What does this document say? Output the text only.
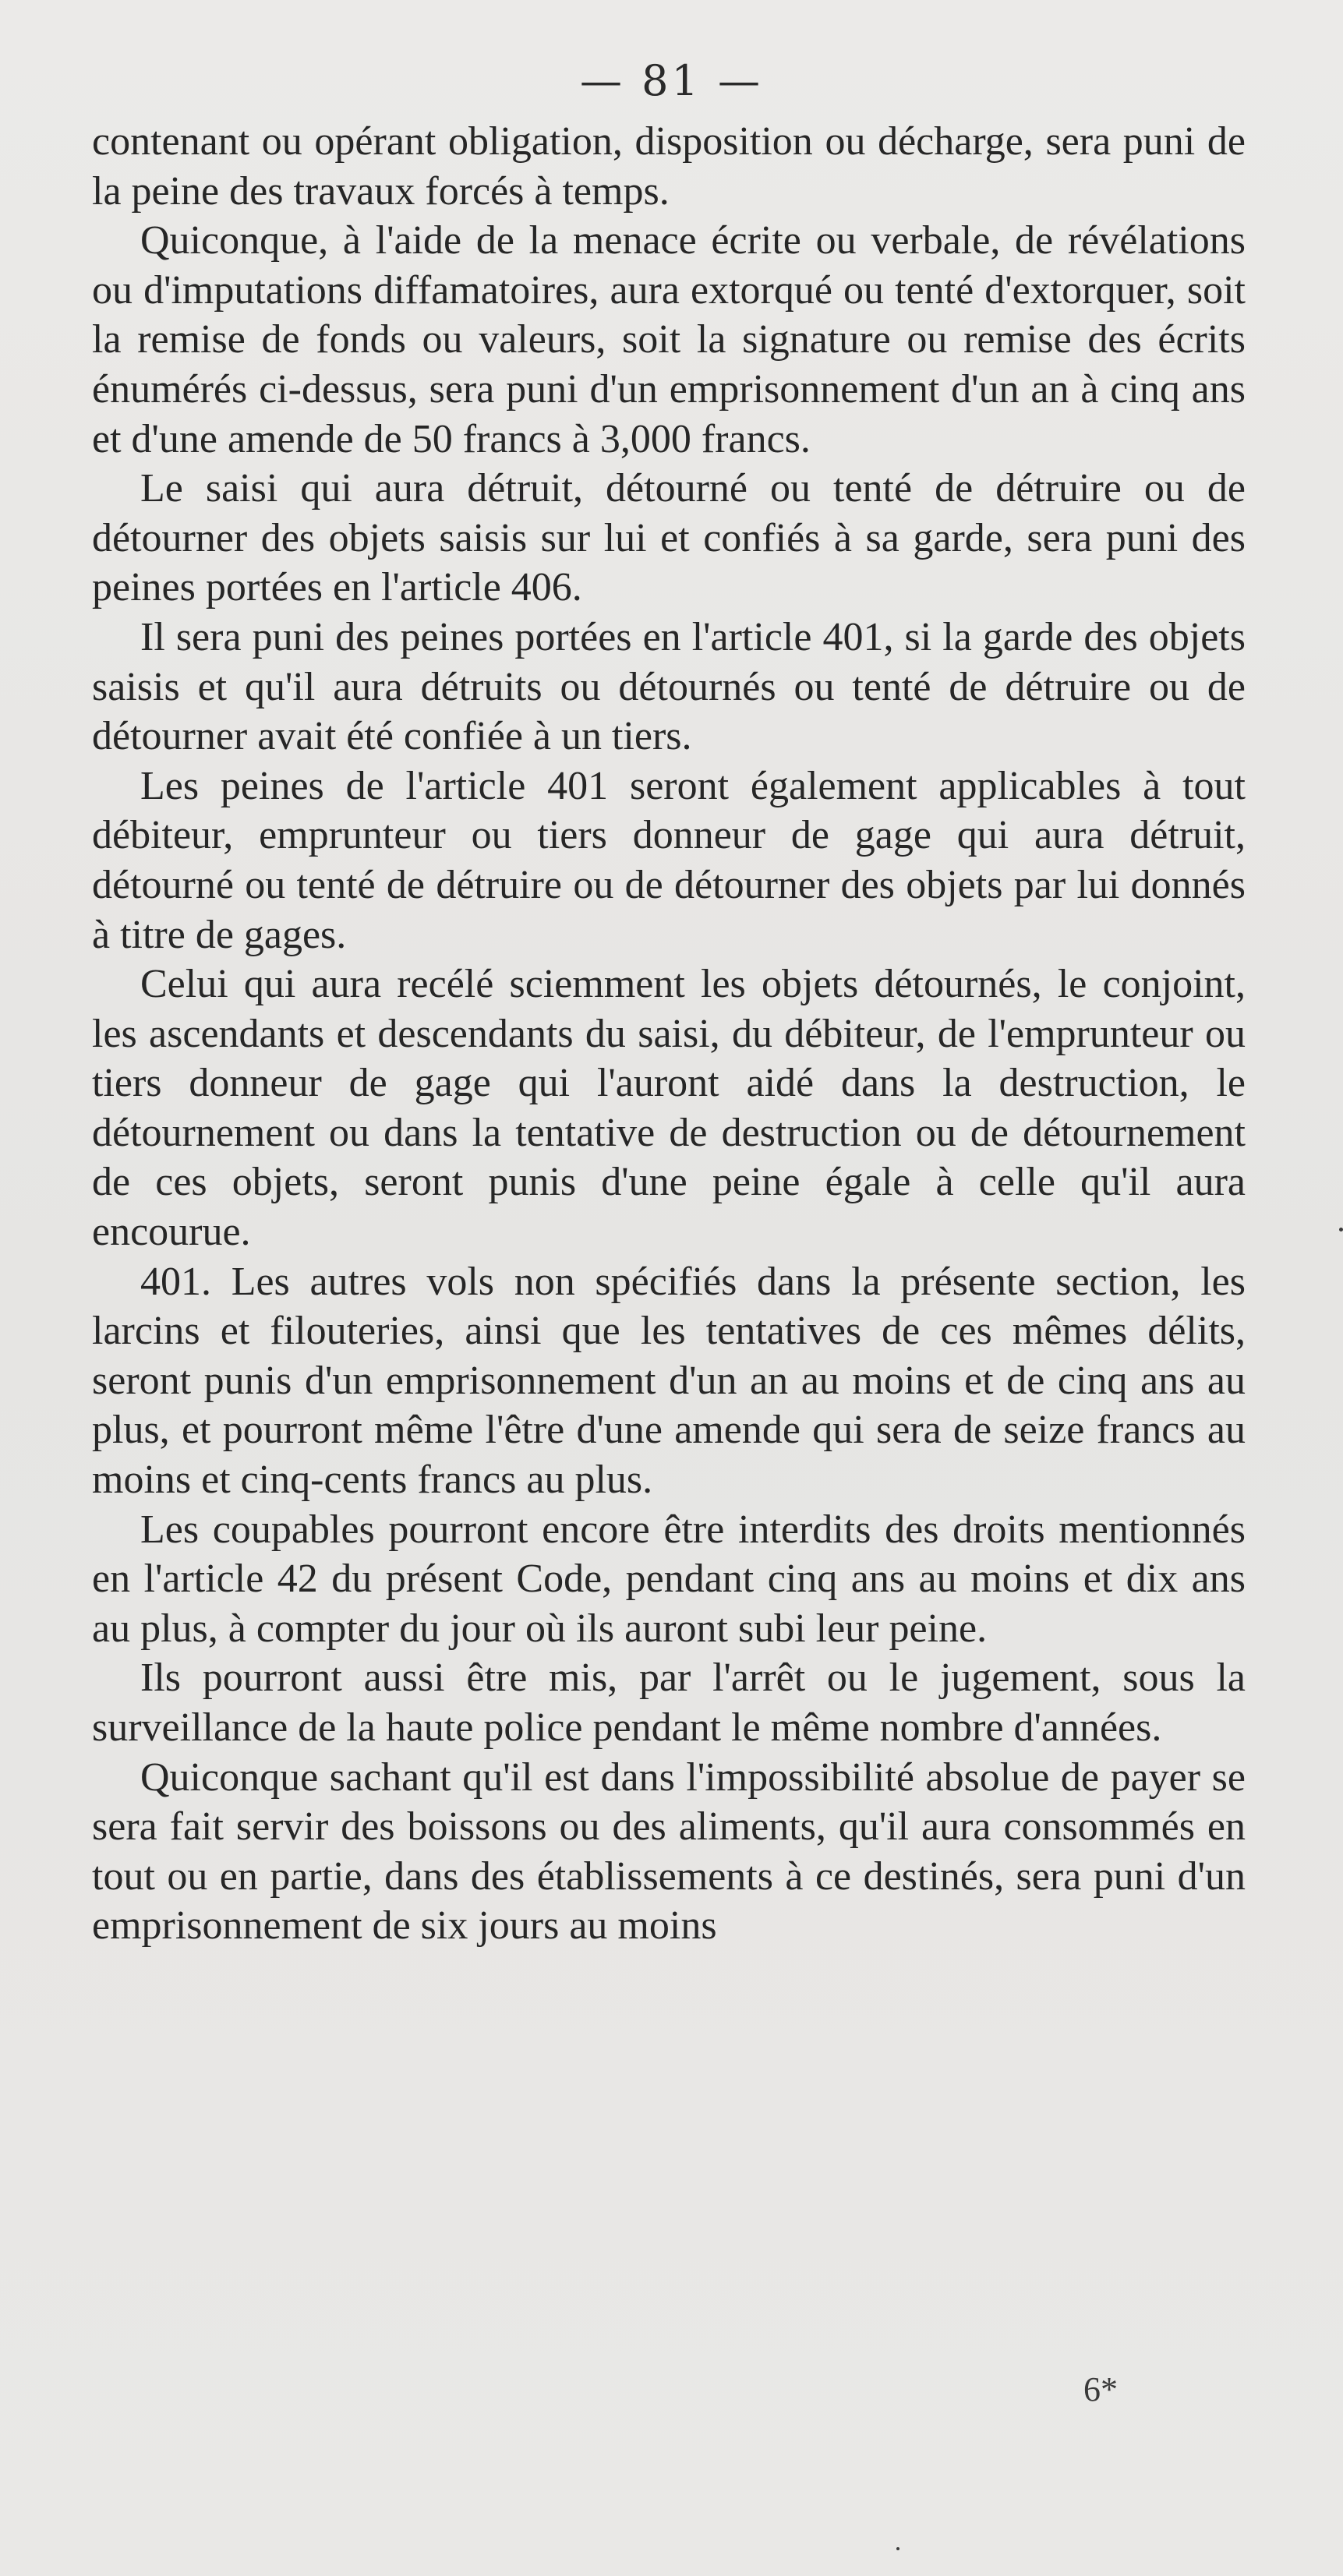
— 81 —

contenant ou opérant obligation, disposition ou décharge, sera puni de la peine des travaux forcés à temps.

Quiconque, à l'aide de la menace écrite ou verbale, de révélations ou d'imputations diffamatoires, aura extorqué ou tenté d'extorquer, soit la remise de fonds ou valeurs, soit la signature ou remise des écrits énumérés ci-dessus, sera puni d'un emprisonnement d'un an à cinq ans et d'une amende de 50 francs à 3,000 francs.

Le saisi qui aura détruit, détourné ou tenté de détruire ou de détourner des objets saisis sur lui et confiés à sa garde, sera puni des peines portées en l'article 406.

Il sera puni des peines portées en l'article 401, si la garde des objets saisis et qu'il aura détruits ou détournés ou tenté de détruire ou de détourner avait été confiée à un tiers.

Les peines de l'article 401 seront également applicables à tout débiteur, emprunteur ou tiers donneur de gage qui aura détruit, détourné ou tenté de détruire ou de détourner des objets par lui donnés à titre de gages.

Celui qui aura recélé sciemment les objets détournés, le conjoint, les ascendants et descendants du saisi, du débiteur, de l'emprunteur ou tiers donneur de gage qui l'auront aidé dans la destruction, le détournement ou dans la tentative de destruction ou de détournement de ces objets, seront punis d'une peine égale à celle qu'il aura encourue.

401. Les autres vols non spécifiés dans la présente section, les larcins et filouteries, ainsi que les tentatives de ces mêmes délits, seront punis d'un emprisonnement d'un an au moins et de cinq ans au plus, et pourront même l'être d'une amende qui sera de seize francs au moins et cinq-cents francs au plus.

Les coupables pourront encore être interdits des droits mentionnés en l'article 42 du présent Code, pendant cinq ans au moins et dix ans au plus, à compter du jour où ils auront subi leur peine.

Ils pourront aussi être mis, par l'arrêt ou le jugement, sous la surveillance de la haute police pendant le même nombre d'années.

Quiconque sachant qu'il est dans l'impossibilité absolue de payer se sera fait servir des boissons ou des aliments, qu'il aura consommés en tout ou en partie, dans des établissements à ce destinés, sera puni d'un emprisonnement de six jours au moins

6*
